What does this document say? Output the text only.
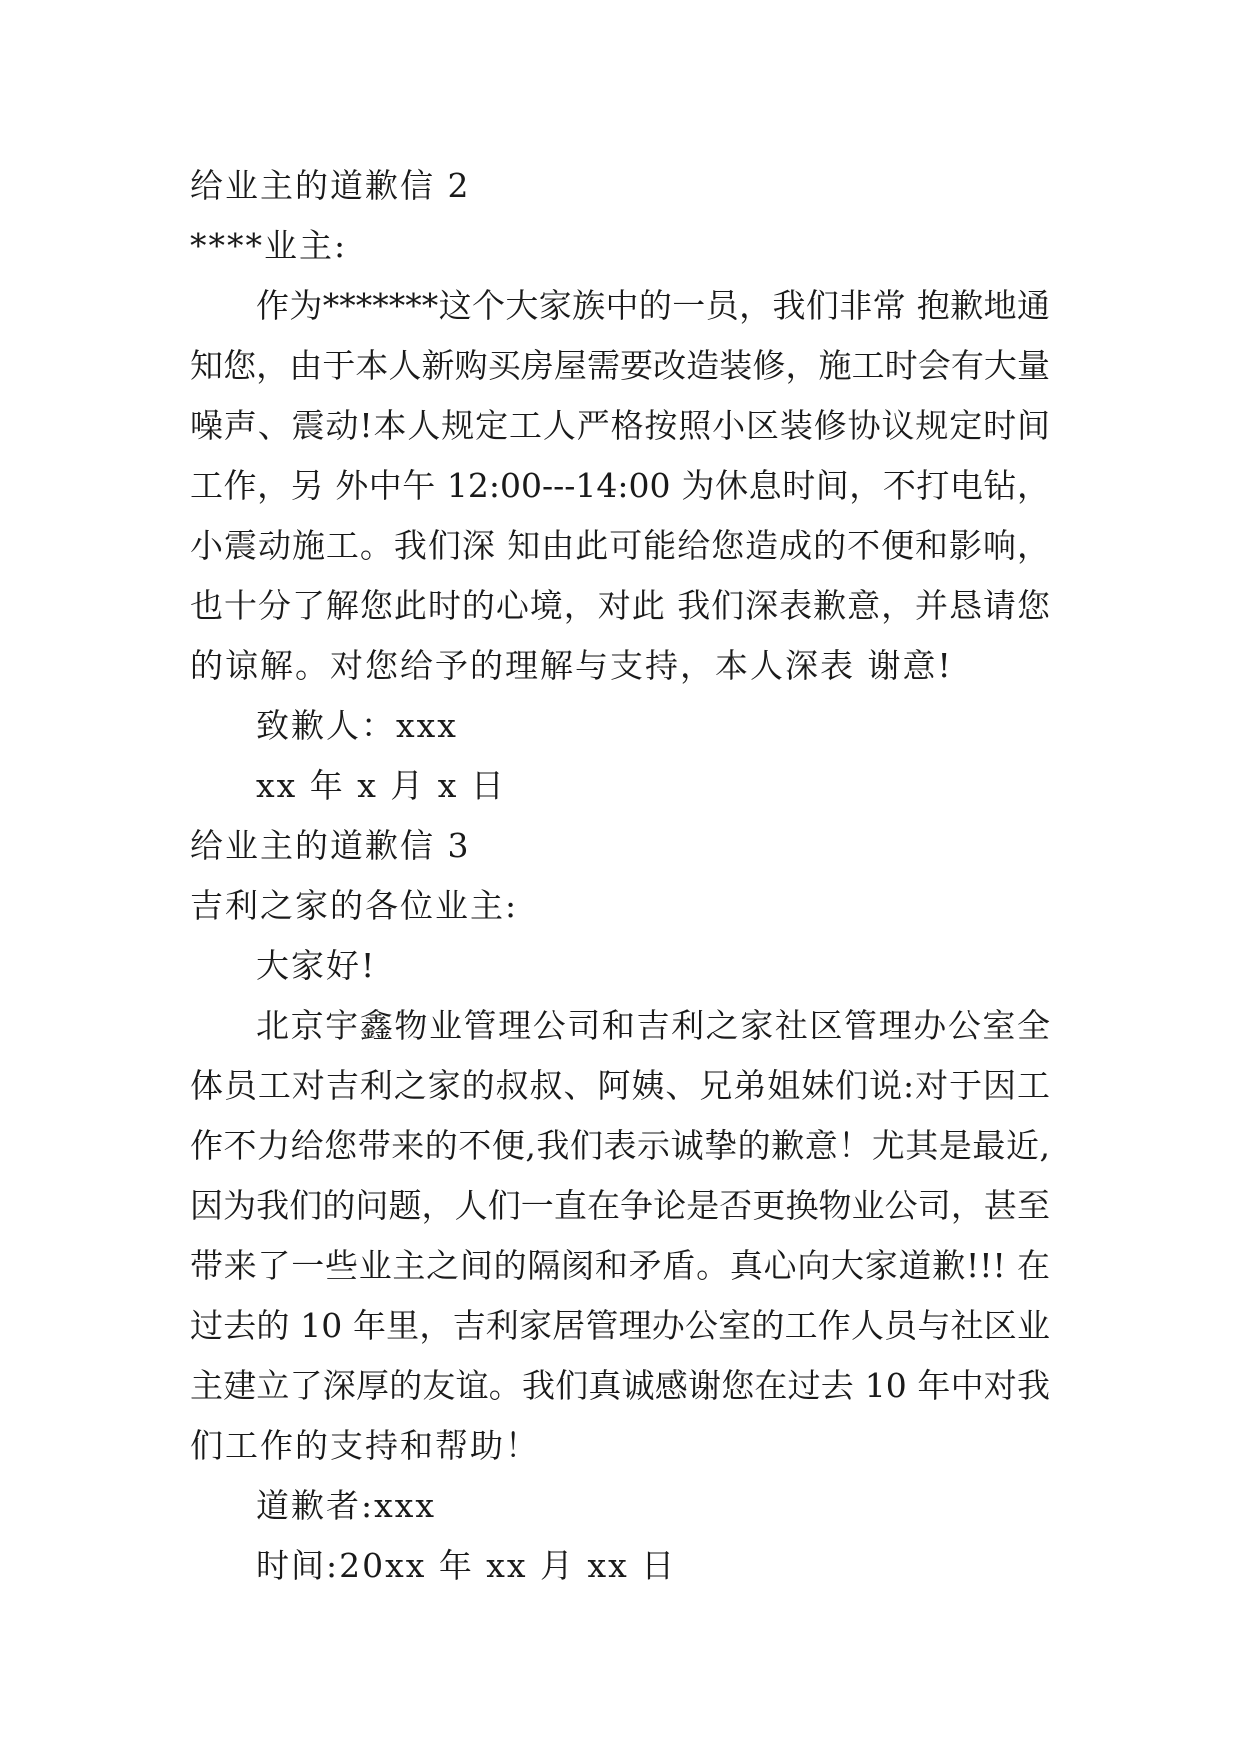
给业主的道歉信 2
****业主:
作为*******这个大家族中的一员，我们非常 抱歉地通
知您，由于本人新购买房屋需要改造装修，施工时会有大量
噪声、震动!本人规定工人严格按照小区装修协议规定时间
工作，另 外中午 12:00---14:00 为休息时间，不打电钻，
小震动施工。我们深 知由此可能给您造成的不便和影响，
也十分了解您此时的心境，对此 我们深表歉意，并恳请您
的谅解。对您给予的理解与支持，本人深表 谢意!
致歉人：xxx
xx 年 x 月 x 日
给业主的道歉信 3
吉利之家的各位业主:
大家好!
北京宇鑫物业管理公司和吉利之家社区管理办公室全
体员工对吉利之家的叔叔、阿姨、兄弟姐妹们说:对于因工
作不力给您带来的不便,我们表示诚挚的歉意！尤其是最近,
因为我们的问题，人们一直在争论是否更换物业公司，甚至
带来了一些业主之间的隔阂和矛盾。真心向大家道歉!!! 在
过去的 10 年里，吉利家居管理办公室的工作人员与社区业
主建立了深厚的友谊。我们真诚感谢您在过去 10 年中对我
们工作的支持和帮助！
道歉者:xxx
时间:20xx 年 xx 月 xx 日
